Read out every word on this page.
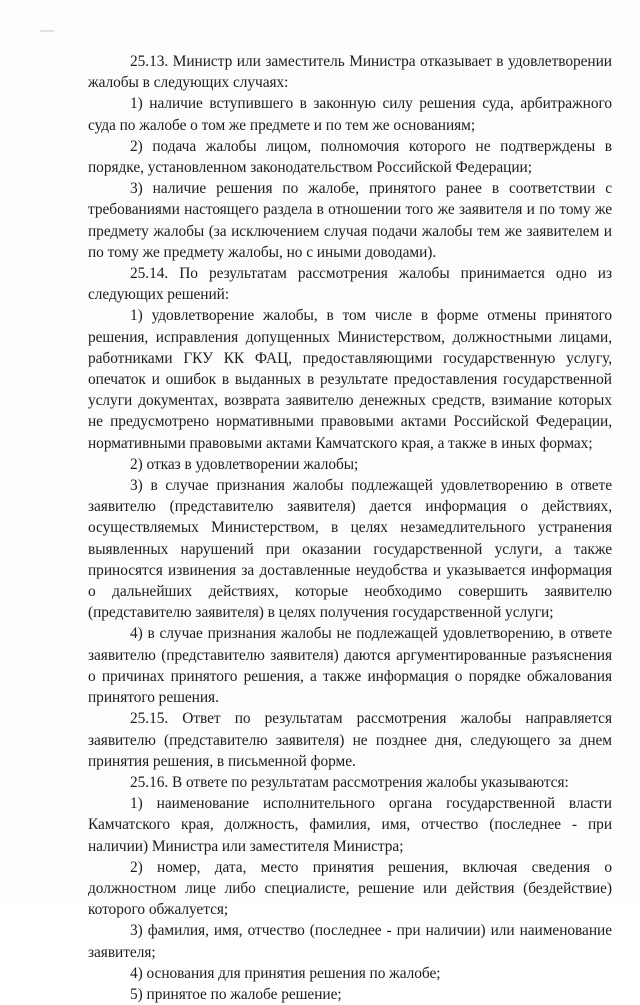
25.13. Министр или заместитель Министра отказывает в удовлетворении жалобы в следующих случаях:

1) наличие вступившего в законную силу решения суда, арбитражного суда по жалобе о том же предмете и по тем же основаниям;

2) подача жалобы лицом, полномочия которого не подтверждены в порядке, установленном законодательством Российской Федерации;

3) наличие решения по жалобе, принятого ранее в соответствии с требованиями настоящего раздела в отношении того же заявителя и по тому же предмету жалобы (за исключением случая подачи жалобы тем же заявителем и по тому же предмету жалобы, но с иными доводами).

25.14. По результатам рассмотрения жалобы принимается одно из следующих решений:

1) удовлетворение жалобы, в том числе в форме отмены принятого решения, исправления допущенных Министерством, должностными лицами, работниками ГКУ КК ФАЦ, предоставляющими государственную услугу, опечаток и ошибок в выданных в результате предоставления государственной услуги документах, возврата заявителю денежных средств, взимание которых не предусмотрено нормативными правовыми актами Российской Федерации, нормативными правовыми актами Камчатского края, а также в иных формах;

2) отказ в удовлетворении жалобы;

3) в случае признания жалобы подлежащей удовлетворению в ответе заявителю (представителю заявителя) дается информация о действиях, осуществляемых Министерством, в целях незамедлительного устранения выявленных нарушений при оказании государственной услуги, а также приносятся извинения за доставленные неудобства и указывается информация о дальнейших действиях, которые необходимо совершить заявителю (представителю заявителя) в целях получения государственной услуги;

4) в случае признания жалобы не подлежащей удовлетворению, в ответе заявителю (представителю заявителя) даются аргументированные разъяснения о причинах принятого решения, а также информация о порядке обжалования принятого решения.

25.15. Ответ по результатам рассмотрения жалобы направляется заявителю (представителю заявителя) не позднее дня, следующего за днем принятия решения, в письменной форме.

25.16. В ответе по результатам рассмотрения жалобы указываются:

1) наименование исполнительного органа государственной власти Камчатского края, должность, фамилия, имя, отчество (последнее - при наличии) Министра или заместителя Министра;

2) номер, дата, место принятия решения, включая сведения о должностном лице либо специалисте, решение или действия (бездействие) которого обжалуется;

3) фамилия, имя, отчество (последнее - при наличии) или наименование заявителя;

4) основания для принятия решения по жалобе;

5) принятое по жалобе решение;
